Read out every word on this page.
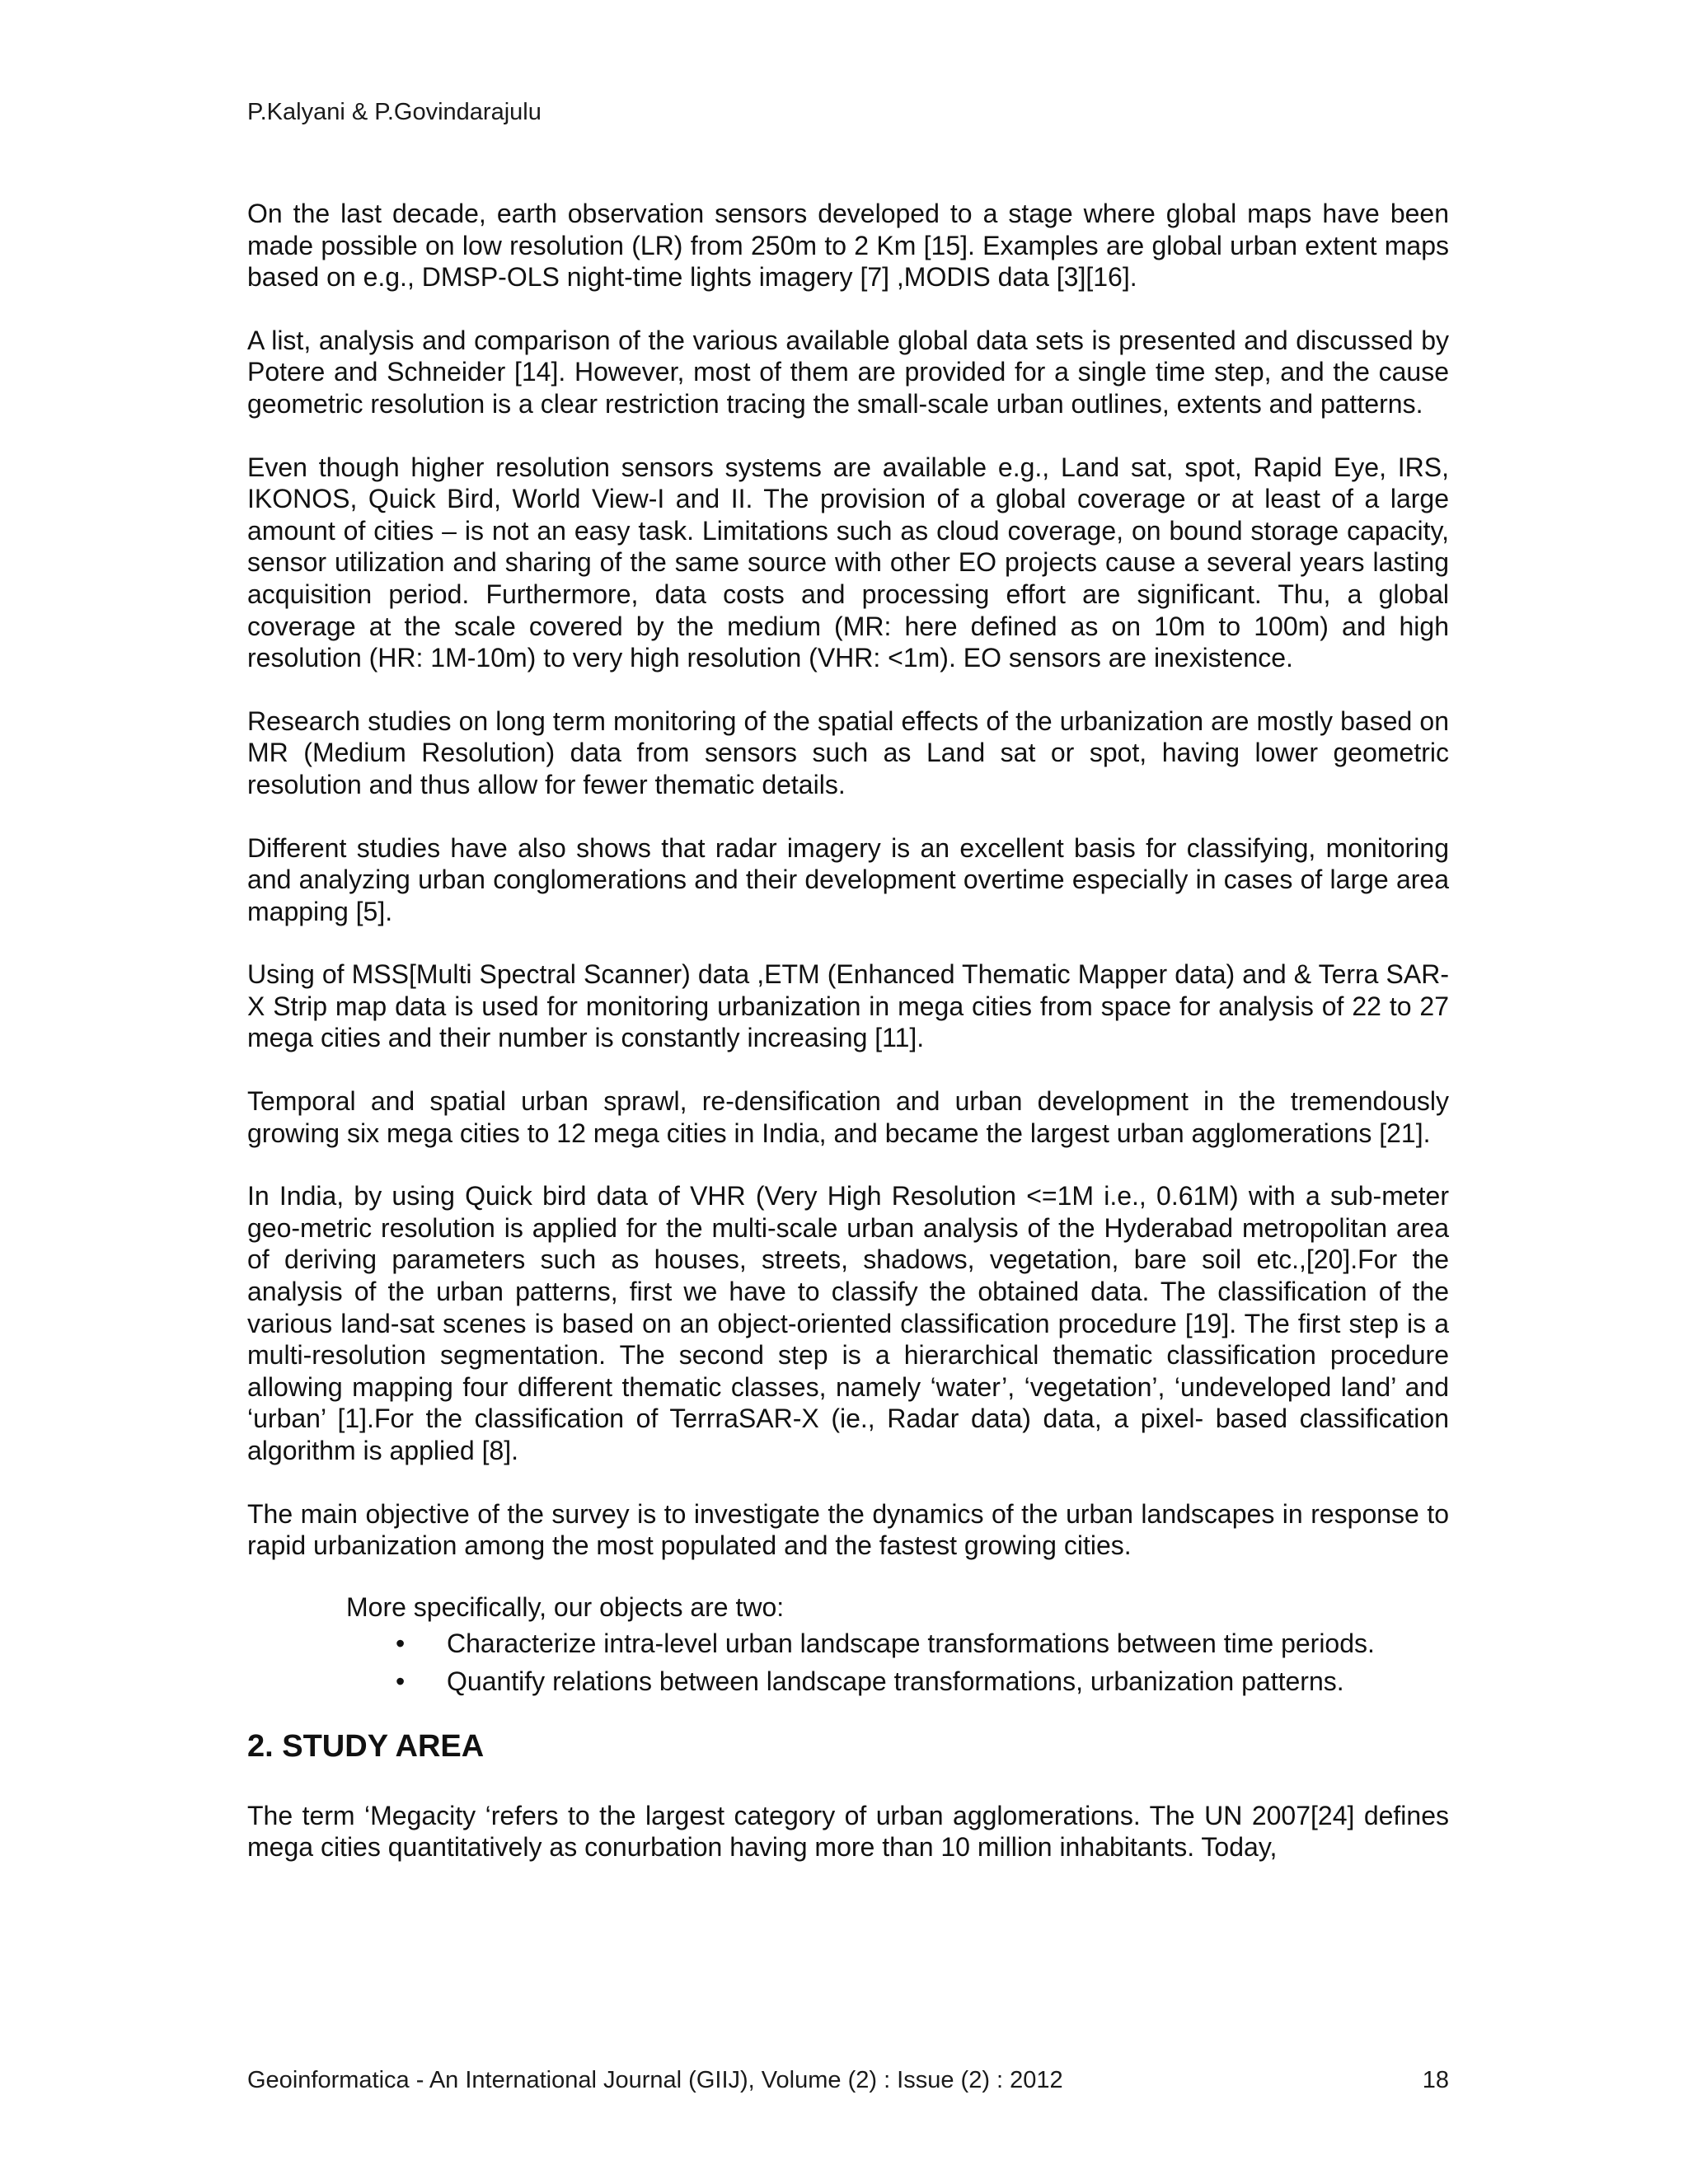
P.Kalyani & P.Govindarajulu

On the last decade, earth observation sensors developed to a stage where global maps have been made possible on low resolution (LR) from 250m to 2 Km [15]. Examples are global urban extent maps based on e.g., DMSP-OLS night-time lights imagery [7] ,MODIS data [3][16].

A list, analysis and comparison of the various available global data sets is presented and discussed by Potere and Schneider [14]. However, most of them are provided for a single time step, and the cause geometric resolution is a clear restriction tracing the small-scale urban outlines, extents and patterns.

Even though higher resolution sensors systems are available e.g., Land sat, spot, Rapid Eye, IRS, IKONOS, Quick Bird, World View-I and II. The provision of a global coverage or at least of a large amount of cities – is not an easy task. Limitations such as cloud coverage, on bound storage capacity, sensor utilization and sharing of the same source with other EO projects cause a several years lasting acquisition period. Furthermore, data costs and processing effort are significant. Thu, a global coverage at the scale covered by the medium (MR: here defined as on 10m to 100m) and high resolution (HR: 1M-10m) to very high resolution (VHR: <1m). EO sensors are inexistence.

Research studies on long term monitoring of the spatial effects of the urbanization are mostly based on MR (Medium Resolution) data from sensors such as Land sat or spot, having lower geometric resolution and thus allow for fewer thematic details.

Different studies have also shows that radar imagery is an excellent basis for classifying, monitoring and analyzing urban conglomerations and their development overtime especially in cases of large area mapping [5].

Using of MSS[Multi Spectral Scanner) data ,ETM (Enhanced Thematic Mapper data) and & Terra SAR-X Strip map data is used for monitoring urbanization in mega cities from space for analysis of 22 to 27 mega cities and their number is constantly increasing [11].

Temporal and spatial urban sprawl, re-densification and urban development in the tremendously growing six mega cities to 12 mega cities in India, and became the largest urban agglomerations [21].

In India, by using Quick bird data of VHR (Very High Resolution <=1M i.e., 0.61M) with a sub-meter geo-metric resolution is applied for the multi-scale urban analysis of the Hyderabad metropolitan area of deriving parameters such as houses, streets, shadows, vegetation, bare soil etc.,[20].For the analysis of the urban patterns, first we have to classify the obtained data. The classification of the various land-sat scenes is based on an object-oriented classification procedure [19]. The first step is a multi-resolution segmentation. The second step is a hierarchical thematic classification procedure allowing mapping four different thematic classes, namely ‘water’, ‘vegetation’, ‘undeveloped land’ and ‘urban’ [1].For the classification of TerrraSAR-X (ie., Radar data) data, a pixel- based classification algorithm is applied [8].

The main objective of the survey is to investigate the dynamics of the urban landscapes in response to rapid urbanization among the most populated and the fastest growing cities.

More specifically, our objects are two:
• Characterize intra-level urban landscape transformations between time periods.
• Quantify relations between landscape transformations, urbanization patterns.
2. STUDY AREA

The term ‘Megacity ‘refers to the largest category of urban agglomerations. The UN 2007[24] defines mega cities quantitatively as conurbation having more than 10 million inhabitants. Today,

Geoinformatica - An International Journal (GIIJ), Volume (2) : Issue (2) : 2012	18
